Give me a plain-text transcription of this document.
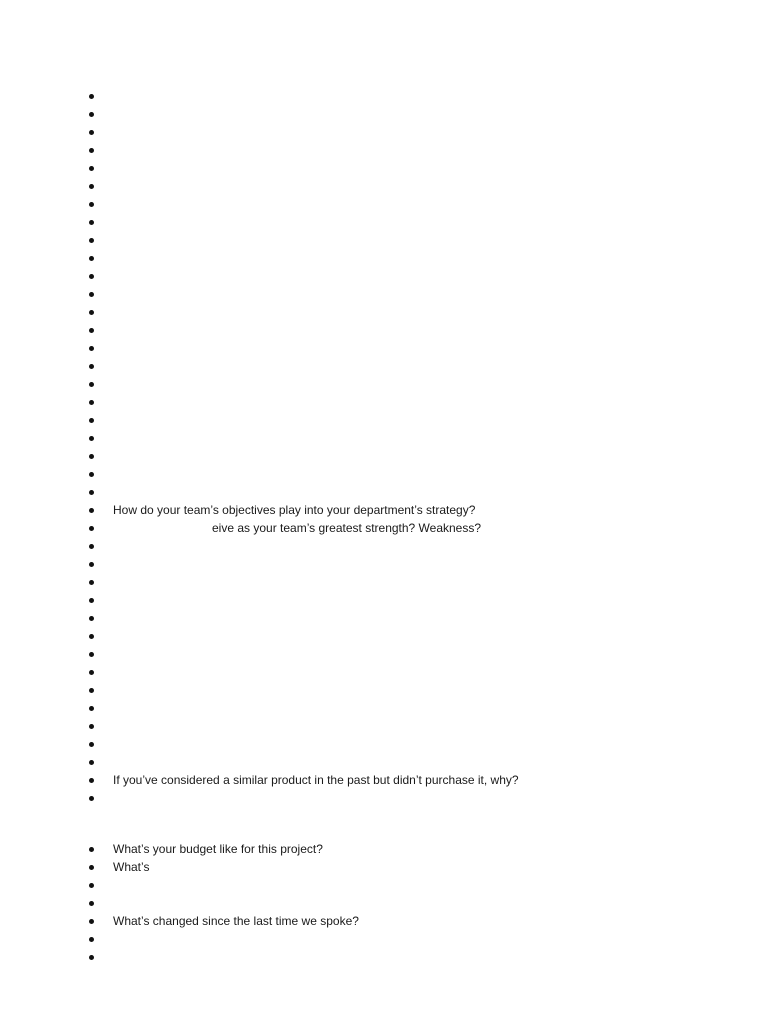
How do your team’s objectives play into your department’s strategy?
eive as your team’s greatest strength? Weakness?
If you’ve considered a similar product in the past but didn’t purchase it, why?
What’s your budget like for this project?
What’s
What’s changed since the last time we spoke?
